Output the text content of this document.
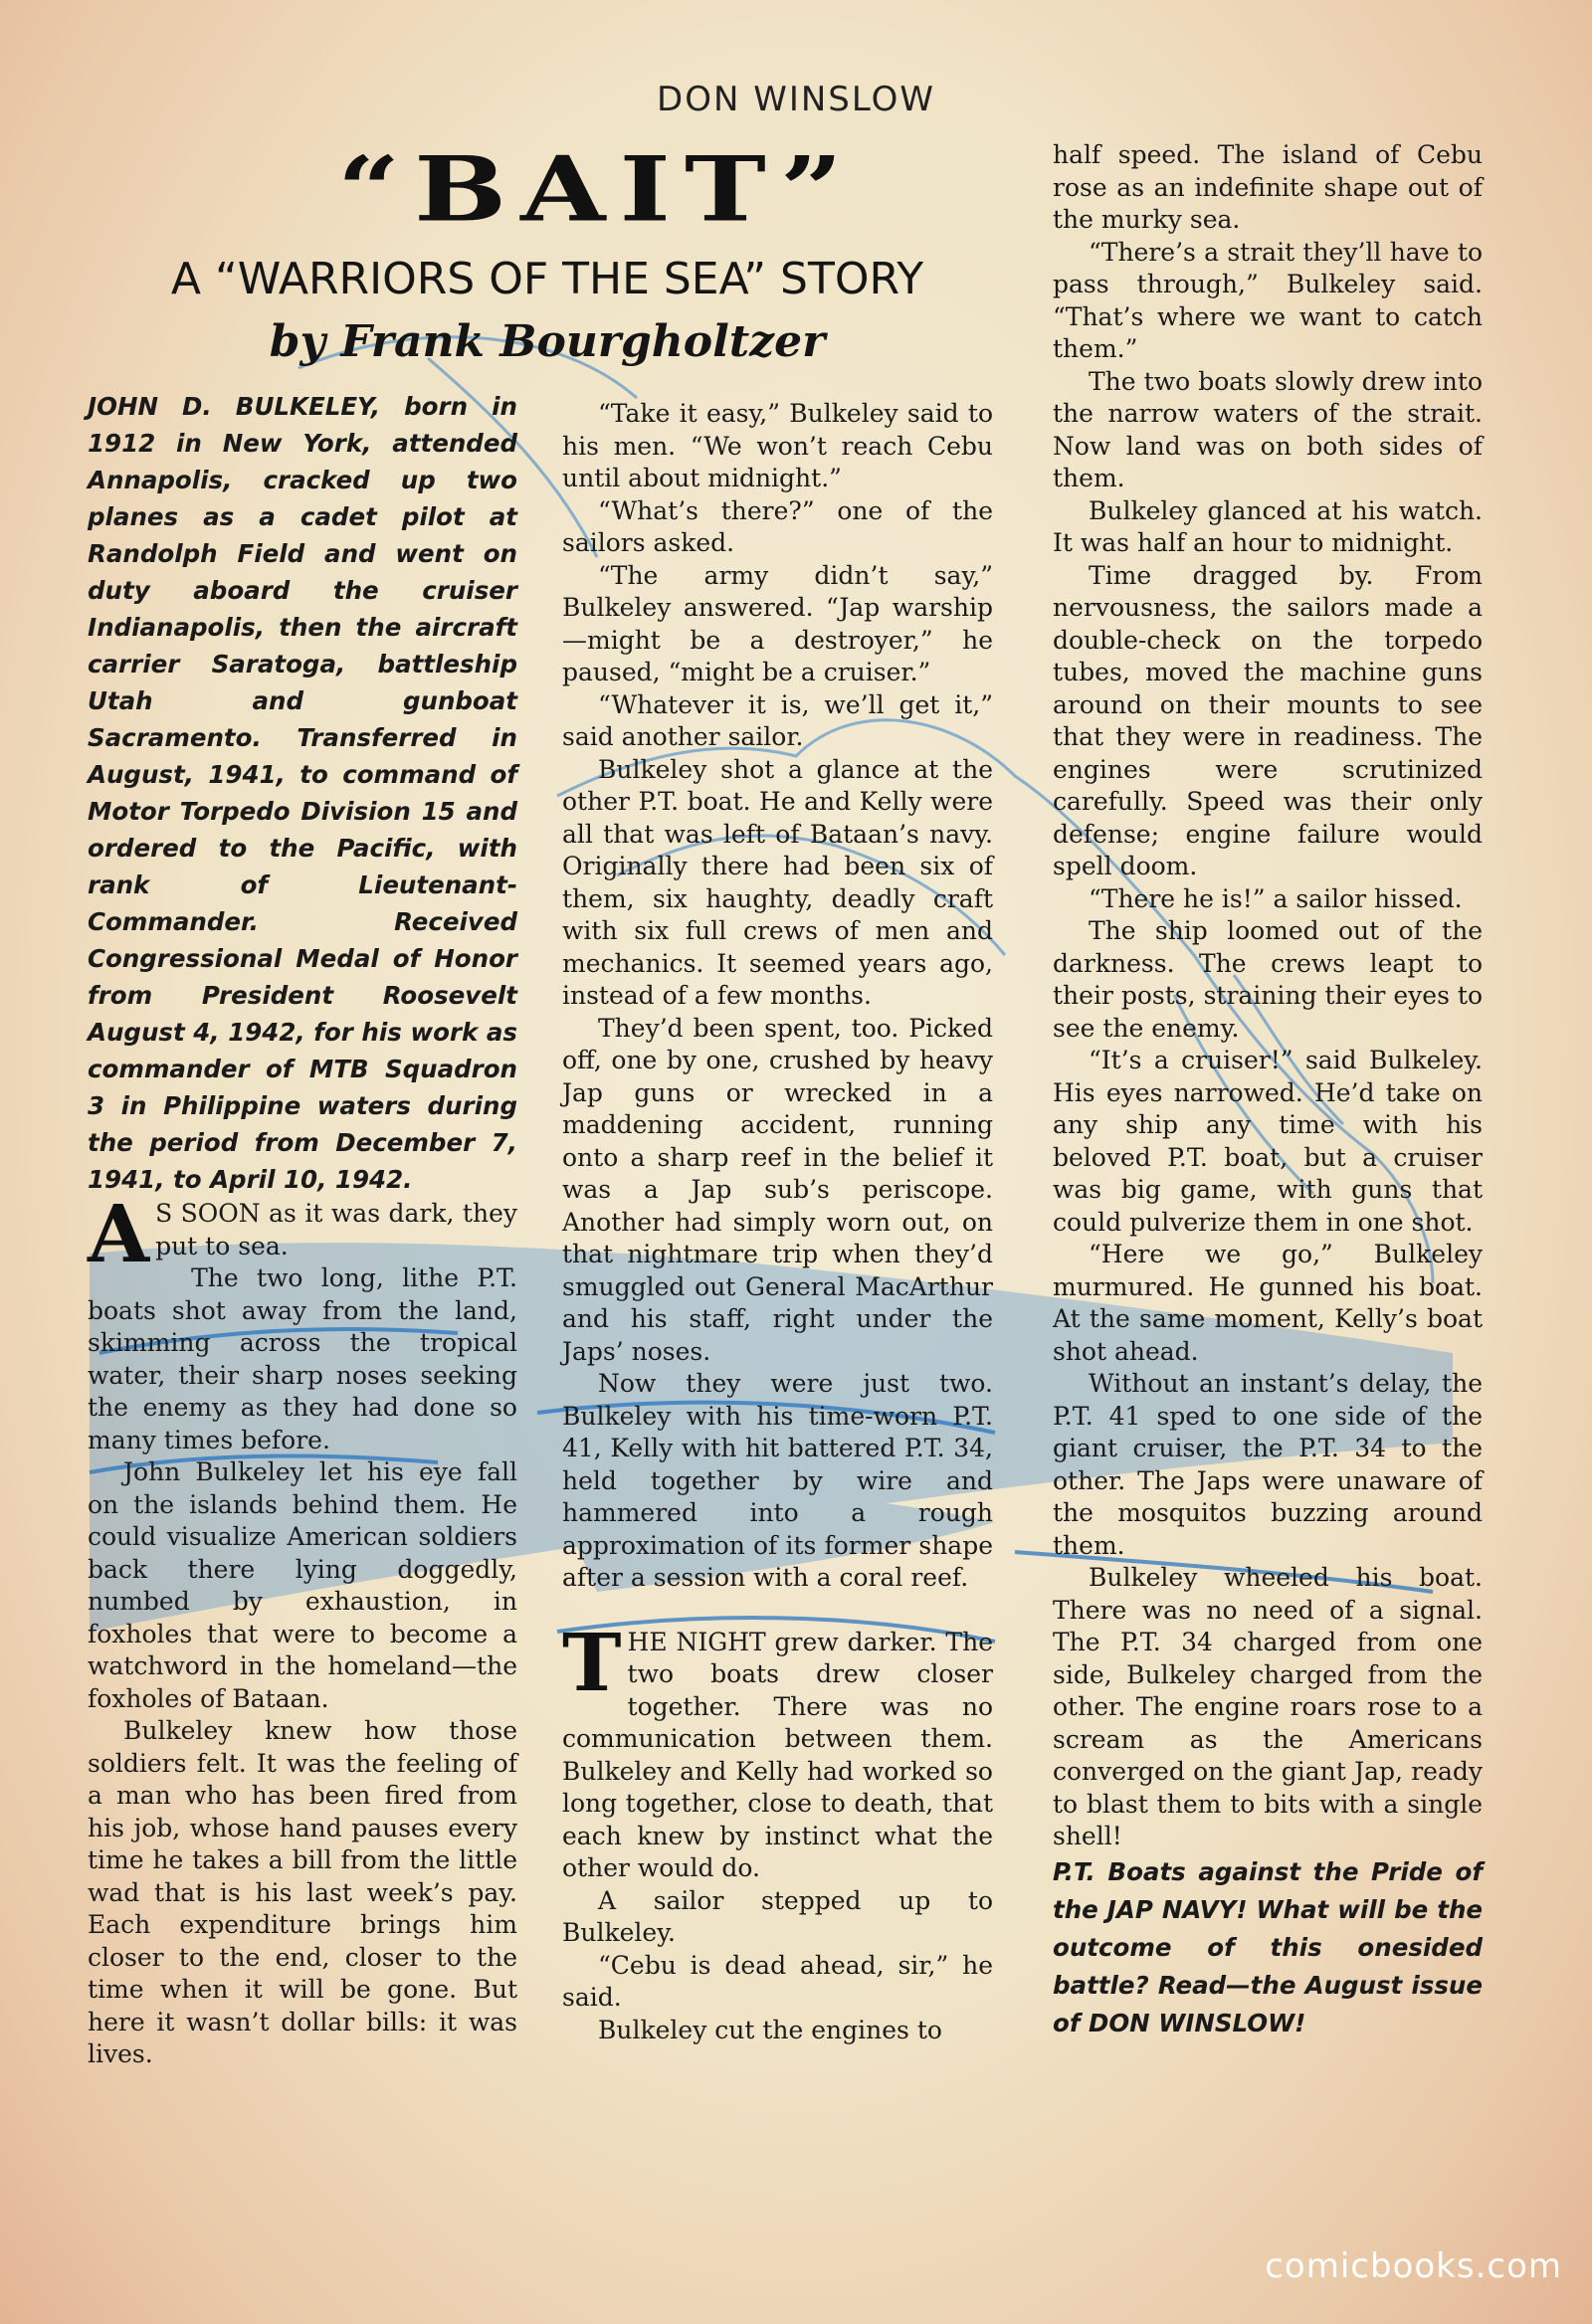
DON WINSLOW
“BAIT”
A “WARRIORS OF THE SEA” STORY
by Frank Bourgholtzer

JOHN D. BULKELEY, born in 1912 in New York, attended Annapolis, cracked up two planes as a cadet pilot at Randolph Field and went on duty aboard the cruiser Indianapolis, then the aircraft carrier Saratoga, battleship Utah and gunboat Sacramento. Transferred in August, 1941, to command of Motor Torpedo Division 15 and ordered to the Pacific, with rank of Lieutenant-Commander. Received Congressional Medal of Honor from President Roosevelt August 4, 1942, for his work as commander of MTB Squadron 3 in Philippine waters during the period from December 7, 1941, to April 10, 1942.

A S SOON as it was dark, they put to sea.

The two long, lithe P.T. boats shot away from the land, skimming across the tropical water, their sharp noses seeking the enemy as they had done so many times before.

John Bulkeley let his eye fall on the islands behind them. He could visualize American soldiers back there lying doggedly, numbed by exhaustion, in foxholes that were to become a watchword in the homeland—the foxholes of Bataan.

Bulkeley knew how those soldiers felt. It was the feeling of a man who has been fired from his job, whose hand pauses every time he takes a bill from the little wad that is his last week’s pay. Each expenditure brings him closer to the end, closer to the time when it will be gone. But here it wasn’t dollar bills: it was lives.

“Take it easy,” Bulkeley said to his men. “We won’t reach Cebu until about midnight.”

“What’s there?” one of the sailors asked.

“The army didn’t say,” Bulkeley answered. “Jap warship—might be a destroyer,” he paused, “might be a cruiser.”

“Whatever it is, we’ll get it,” said another sailor.

Bulkeley shot a glance at the other P.T. boat. He and Kelly were all that was left of Bataan’s navy. Originally there had been six of them, six haughty, deadly craft with six full crews of men and mechanics. It seemed years ago, instead of a few months.

They’d been spent, too. Picked off, one by one, crushed by heavy Jap guns or wrecked in a maddening accident, running onto a sharp reef in the belief it was a Jap sub’s periscope. Another had simply worn out, on that nightmare trip when they’d smuggled out General MacArthur and his staff, right under the Japs’ noses.

Now they were just two. Bulkeley with his time-worn P.T. 41, Kelly with hit battered P.T. 34, held together by wire and hammered into a rough approximation of its former shape after a session with a coral reef.

THE NIGHT grew darker. The two boats drew closer together. There was no communication between them. Bulkeley and Kelly had worked so long together, close to death, that each knew by instinct what the other would do.

A sailor stepped up to Bulkeley.

“Cebu is dead ahead, sir,” he said.

Bulkeley cut the engines to

half speed. The island of Cebu rose as an indefinite shape out of the murky sea.

“There’s a strait they’ll have to pass through,” Bulkeley said. “That’s where we want to catch them.”

The two boats slowly drew into the narrow waters of the strait. Now land was on both sides of them.

Bulkeley glanced at his watch. It was half an hour to midnight.

Time dragged by. From nervousness, the sailors made a double-check on the torpedo tubes, moved the machine guns around on their mounts to see that they were in readiness. The engines were scrutinized carefully. Speed was their only defense; engine failure would spell doom.

“There he is!” a sailor hissed.

The ship loomed out of the darkness. The crews leapt to their posts, straining their eyes to see the enemy.

“It’s a cruiser!” said Bulkeley. His eyes narrowed. He’d take on any ship any time with his beloved P.T. boat, but a cruiser was big game, with guns that could pulverize them in one shot.

“Here we go,” Bulkeley murmured. He gunned his boat. At the same moment, Kelly’s boat shot ahead.

Without an instant’s delay, the P.T. 41 sped to one side of the giant cruiser, the P.T. 34 to the other. The Japs were unaware of the mosquitos buzzing around them.

Bulkeley wheeled his boat. There was no need of a signal. The P.T. 34 charged from one side, Bulkeley charged from the other. The engine roars rose to a scream as the Americans converged on the giant Jap, ready to blast them to bits with a single shell!

P.T. Boats against the Pride of the JAP NAVY! What will be the outcome of this onesided battle? Read—the August issue of DON WINSLOW!

comicbooks.com
